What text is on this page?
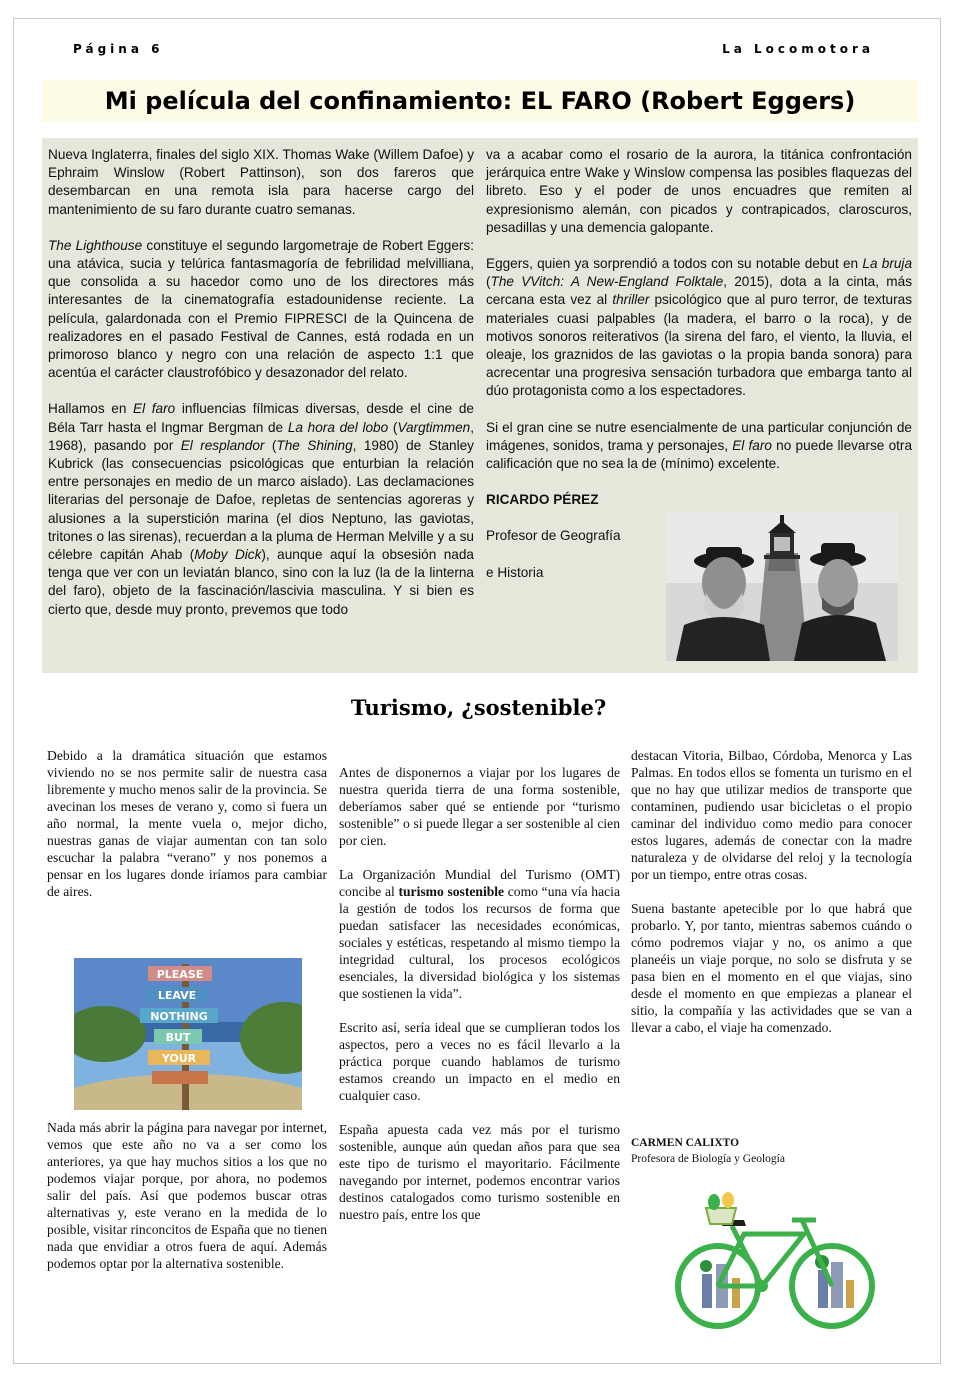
Página 6	La Locomotora
Mi película del confinamiento: EL FARO (Robert Eggers)

Nueva Inglaterra, finales del siglo XIX. Thomas Wake (Willem Dafoe) y Ephraim Winslow (Robert Pattinson), son dos fareros que desembarcan en una remota isla para hacerse cargo del mantenimiento de su faro durante cuatro semanas.

The Lighthouse constituye el segundo largometraje de Robert Eggers: una atávica, sucia y telúrica fantasmagoría de febrilidad melvilliana, que consolida a su hacedor como uno de los directores más interesantes de la cinematografía estadounidense reciente. La película, galardonada con el Premio FIPRESCI de la Quincena de realizadores en el pasado Festival de Cannes, está rodada en un primoroso blanco y negro con una relación de aspecto 1:1 que acentúa el carácter claustrofóbico y desazonador del relato.

Hallamos en El faro influencias fílmicas diversas, desde el cine de Béla Tarr hasta el Ingmar Bergman de La hora del lobo (Vargtimmen, 1968), pasando por El resplandor (The Shining, 1980) de Stanley Kubrick (las consecuencias psicológicas que enturbian la relación entre personajes en medio de un marco aislado). Las declamaciones literarias del personaje de Dafoe, repletas de sentencias agoreras y alusiones a la superstición marina (el dios Neptuno, las gaviotas, tritones o las sirenas), recuerdan a la pluma de Herman Melville y a su célebre capitán Ahab (Moby Dick), aunque aquí la obsesión nada tenga que ver con un leviatán blanco, sino con la luz (la de la linterna del faro), objeto de la fascinación/lascivia masculina. Y si bien es cierto que, desde muy pronto, prevemos que todo

va a acabar como el rosario de la aurora, la titánica confrontación jerárquica entre Wake y Winslow compensa las posibles flaquezas del libreto. Eso y el poder de unos encuadres que remiten al expresionismo alemán, con picados y contrapicados, claroscuros, pesadillas y una demencia galopante.

Eggers, quien ya sorprendió a todos con su notable debut en La bruja (The VVitch: A New-England Folktale, 2015), dota a la cinta, más cercana esta vez al thriller psicológico que al puro terror, de texturas materiales cuasi palpables (la madera, el barro o la roca), y de motivos sonoros reiterativos (la sirena del faro, el viento, la lluvia, el oleaje, los graznidos de las gaviotas o la propia banda sonora) para acrecentar una progresiva sensación turbadora que embarga tanto al dúo protagonista como a los espectadores.

Si el gran cine se nutre esencialmente de una particular conjunción de imágenes, sonidos, trama y personajes, El faro no puede llevarse otra calificación que no sea la de (mínimo) excelente.

RICARDO PÉREZ

Profesor de Geografía

e Historia

Turismo, ¿sostenible?

Debido a la dramática situación que estamos viviendo no se nos permite salir de nuestra casa libremente y mucho menos salir de la provincia. Se avecinan los meses de verano y, como si fuera un año normal, la mente vuela o, mejor dicho, nuestras ganas de viajar aumentan con tan solo escuchar la palabra “verano” y nos ponemos a pensar en los lugares donde iríamos para cambiar de aires.

PLEASE
LEAVE
NOTHING
BUT
YOUR

Nada más abrir la página para navegar por internet, vemos que este año no va a ser como los anteriores, ya que hay muchos sitios a los que no podemos viajar porque, por ahora, no podemos salir del país. Así que podemos buscar otras alternativas y, este verano en la medida de lo posible, visitar rinconcitos de España que no tienen nada que envidiar a otros fuera de aquí. Además podemos optar por la alternativa sostenible.

Antes de disponernos a viajar por los lugares de nuestra querida tierra de una forma sostenible, deberíamos saber qué se entiende por “turismo sostenible” o si puede llegar a ser sostenible al cien por cien.

La Organización Mundial del Turismo (OMT) concibe al turismo sostenible como “una vía hacia la gestión de todos los recursos de forma que puedan satisfacer las necesidades económicas, sociales y estéticas, respetando al mismo tiempo la integridad cultural, los procesos ecológicos esenciales, la diversidad biológica y los sistemas que sostienen la vida”.

Escrito así, sería ideal que se cumplieran todos los aspectos, pero a veces no es fácil llevarlo a la práctica porque cuando hablamos de turismo estamos creando un impacto en el medio en cualquier caso.

España apuesta cada vez más por el turismo sostenible, aunque aún quedan años para que sea este tipo de turismo el mayoritario. Fácilmente navegando por internet, podemos encontrar varios destinos catalogados como turismo sostenible en nuestro país, entre los que

destacan Vitoria, Bilbao, Córdoba, Menorca y Las Palmas. En todos ellos se fomenta un turismo en el que no hay que utilizar medios de transporte que contaminen, pudiendo usar bicicletas o el propio caminar del individuo como medio para conocer estos lugares, además de conectar con la madre naturaleza y de olvidarse del reloj y la tecnología por un tiempo, entre otras cosas.

Suena bastante apetecible por lo que habrá que probarlo. Y, por tanto, mientras sabemos cuándo o cómo podremos viajar y no, os animo a que planeéis un viaje porque, no solo se disfruta y se pasa bien en el momento en el que viajas, sino desde el momento en que empiezas a planear el sitio, la compañía y las actividades que se van a llevar a cabo, el viaje ha comenzado.

CARMEN CALIXTO

Profesora de Biología y Geología
